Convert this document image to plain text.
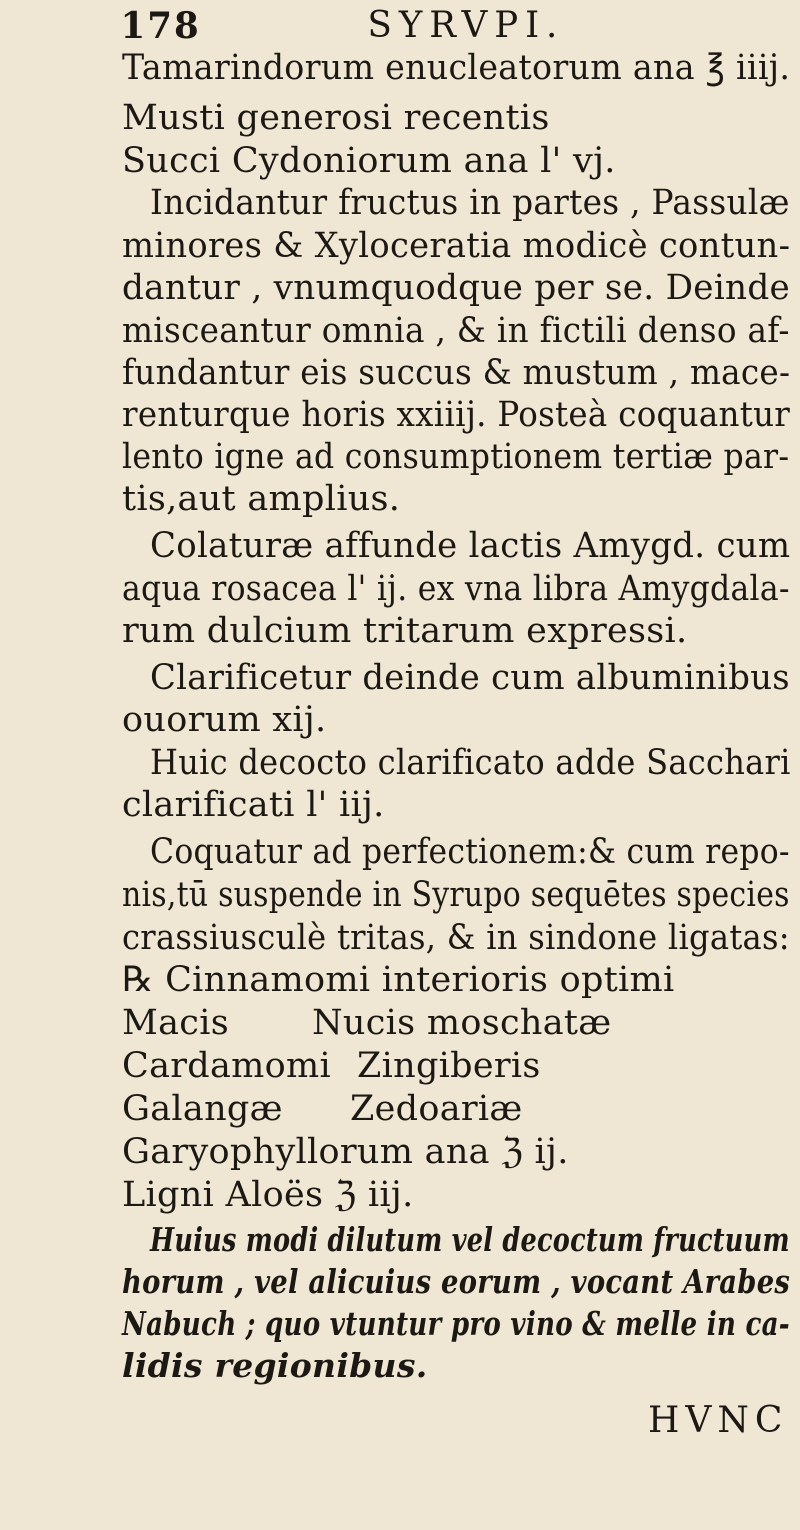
178	SYRVPI.
Tamarindorum enucleatorum ana ℥ iiij.
Musti generosi recentis
Succi Cydoniorum ana l' vj.
Incidantur fructus in partes , Passulæ
minores & Xyloceratia modicè contun-
dantur , vnumquodque per se. Deinde
misceantur omnia , & in fictili denso af-
fundantur eis succus & mustum , mace-
renturque horis xxiiij. Posteà coquantur
lento igne ad consumptionem tertiæ par-
tis,aut amplius.
Colaturæ affunde lactis Amygd. cum
aqua rosacea l' ij. ex vna libra Amygdala-
rum dulcium tritarum expressi.
Clarificetur deinde cum albuminibus
ouorum xij.
Huic decocto clarificato adde Sacchari
clarificati l' iij.
Coquatur ad perfectionem:& cum repo-
nis,tū suspende in Syrupo sequētes species
crassiusculè tritas, & in sindone ligatas:
℞ Cinnamomi interioris optimi
Macis Nucis moschatæ
Cardamomi Zingiberis
Galangæ Zedoariæ
Garyophyllorum ana ℨ ij.
Ligni Aloës ℨ iij.
Huius modi dilutum vel decoctum fructuum
horum , vel alicuius eorum , vocant Arabes
Nabuch ; quo vtuntur pro vino & melle in ca-
lidis regionibus.
HVNC
